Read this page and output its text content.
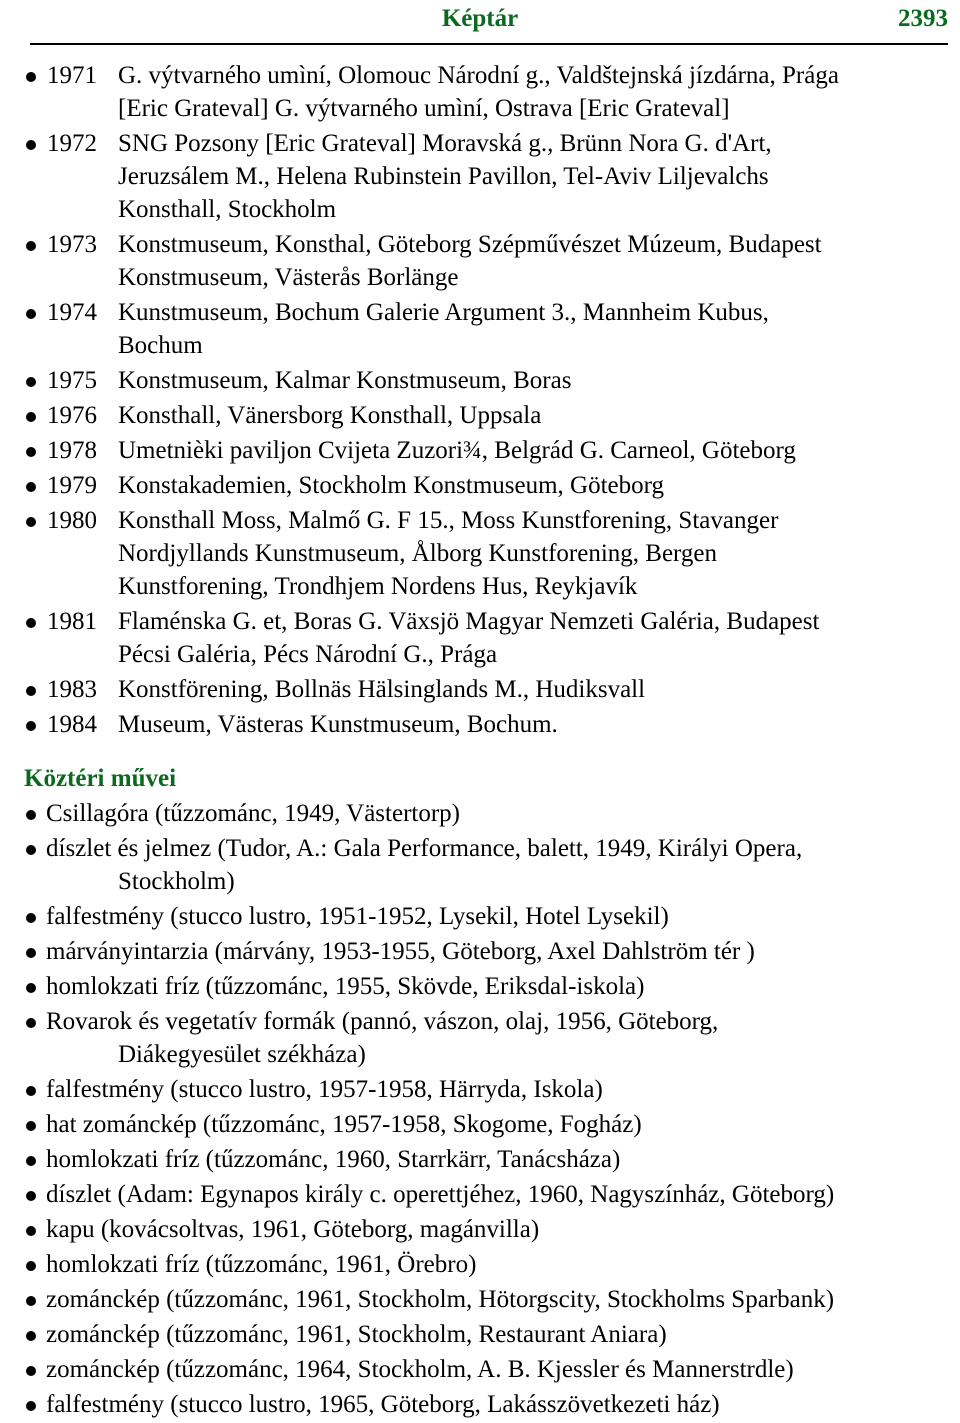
Képtár	2393
1971 G. výtvarného umìní, Olomouc Národní g., Valdštejnská jízdárna, Prága
[Eric Grateval] G. výtvarného umìní, Ostrava [Eric Grateval]
1972 SNG Pozsony [Eric Grateval] Moravská g., Brünn Nora G. d'Art,
Jeruzsálem M., Helena Rubinstein Pavillon, Tel-Aviv Liljevalchs
Konsthall, Stockholm
1973 Konstmuseum, Konsthal, Göteborg Szépművészet Múzeum, Budapest
Konstmuseum, Västerås Borlänge
1974 Kunstmuseum, Bochum Galerie Argument 3., Mannheim Kubus,
Bochum
1975 Konstmuseum, Kalmar Konstmuseum, Boras
1976 Konsthall, Vänersborg Konsthall, Uppsala
1978 Umetnièki paviljon Cvijeta Zuzori¾, Belgrád G. Carneol, Göteborg
1979 Konstakademien, Stockholm Konstmuseum, Göteborg
1980 Konsthall Moss, Malmő G. F 15., Moss Kunstforening, Stavanger
Nordjyllands Kunstmuseum, Ålborg Kunstforening, Bergen
Kunstforening, Trondhjem Nordens Hus, Reykjavík
1981 Flaménska G. et, Boras G. Växsjö Magyar Nemzeti Galéria, Budapest
Pécsi Galéria, Pécs Národní G., Prága
1983 Konstförening, Bollnäs Hälsinglands M., Hudiksvall
1984 Museum, Västeras Kunstmuseum, Bochum.
Köztéri művei
Csillagóra (tűzzománc, 1949, Västertorp)
díszlet és jelmez (Tudor, A.: Gala Performance, balett, 1949, Királyi Opera,
Stockholm)
falfestmény (stucco lustro, 1951-1952, Lysekil, Hotel Lysekil)
márványintarzia (márvány, 1953-1955, Göteborg, Axel Dahlström tér )
homlokzati fríz (tűzzománc, 1955, Skövde, Eriksdal-iskola)
Rovarok és vegetatív formák (pannó, vászon, olaj, 1956, Göteborg,
Diákegyesület székháza)
falfestmény (stucco lustro, 1957-1958, Härryda, Iskola)
hat zománckép (tűzzománc, 1957-1958, Skogome, Fogház)
homlokzati fríz (tűzzománc, 1960, Starrkärr, Tanácsháza)
díszlet (Adam: Egynapos király c. operettjéhez, 1960, Nagyszínház, Göteborg)
kapu (kovácsoltvas, 1961, Göteborg, magánvilla)
homlokzati fríz (tűzzománc, 1961, Örebro)
zománckép (tűzzománc, 1961, Stockholm, Hötorgscity, Stockholms Sparbank)
zománckép (tűzzománc, 1961, Stockholm, Restaurant Aniara)
zománckép (tűzzománc, 1964, Stockholm, A. B. Kjessler és Mannerstrdle)
falfestmény (stucco lustro, 1965, Göteborg, Lakásszövetkezeti ház)
